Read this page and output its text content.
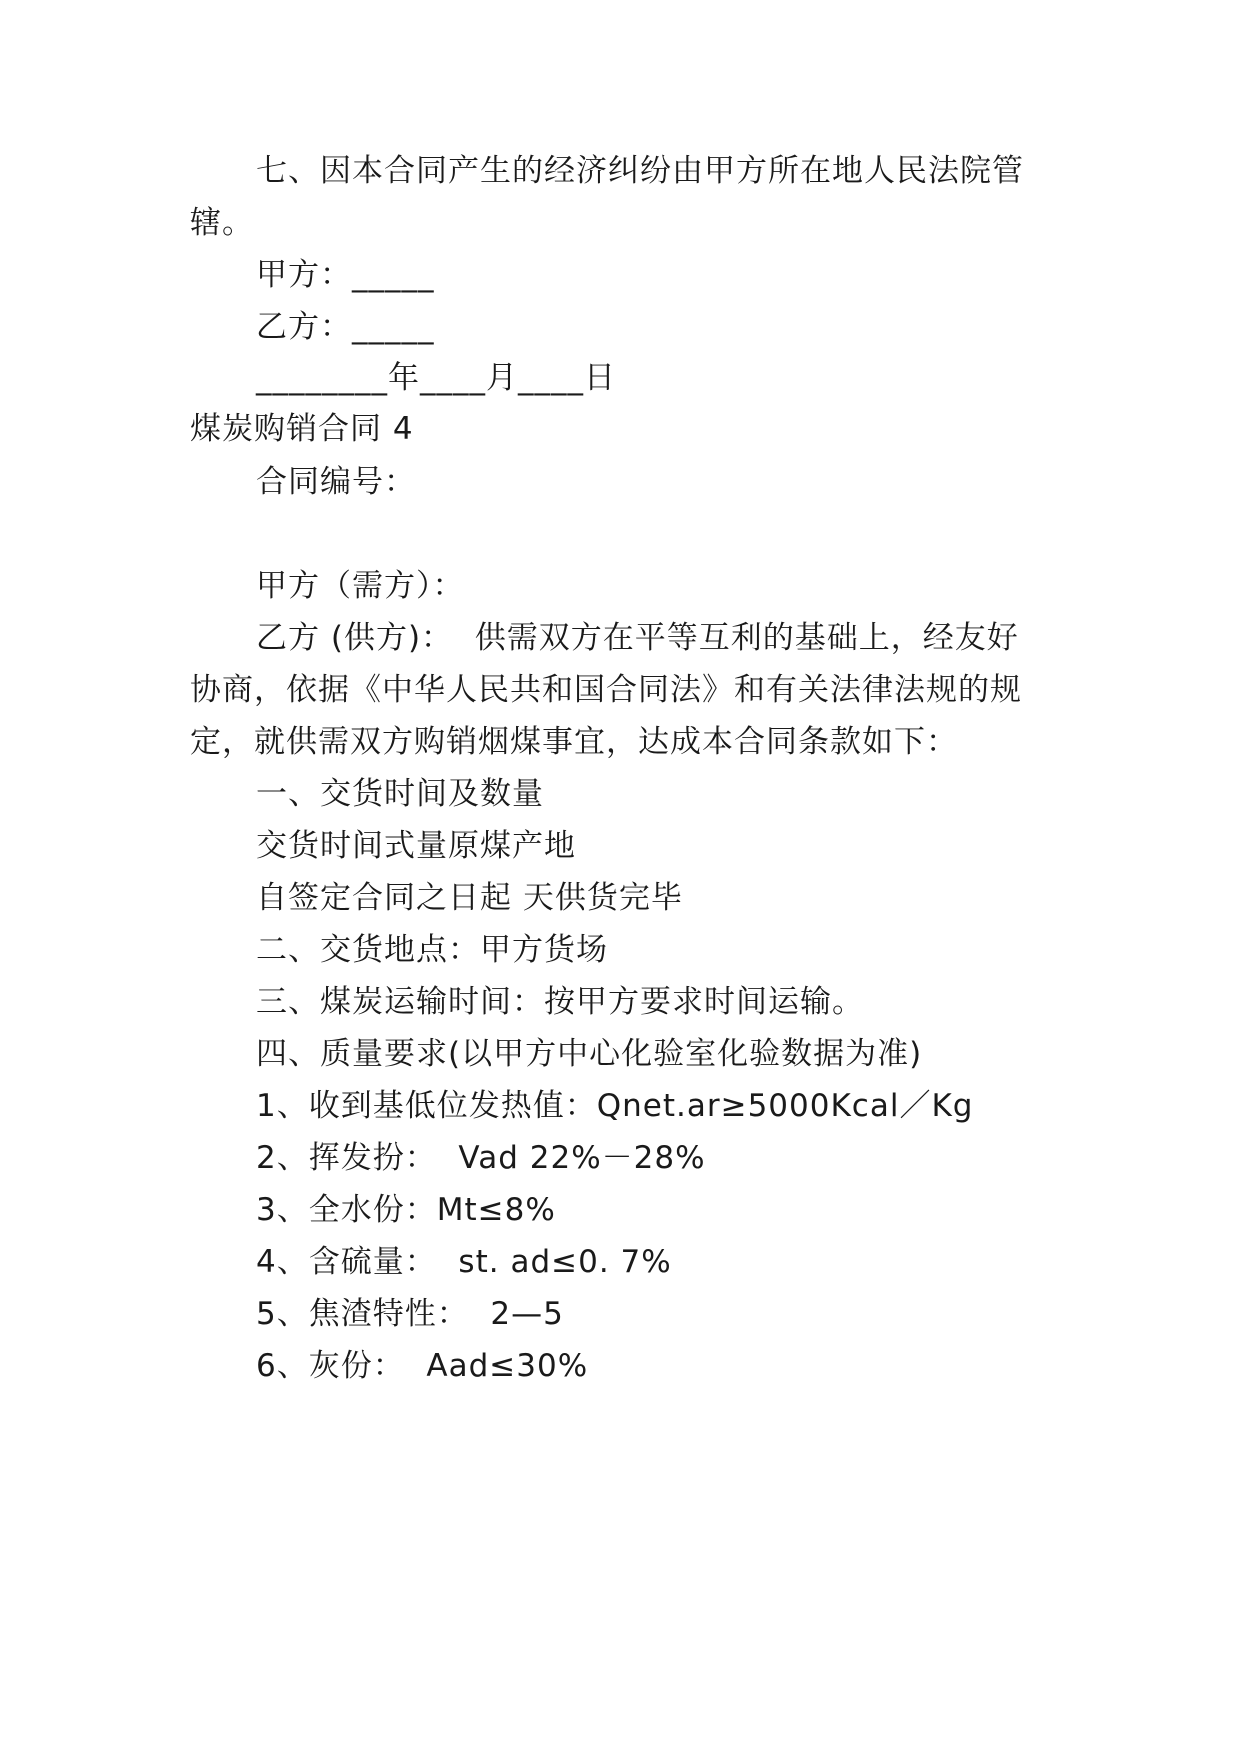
七、因本合同产生的经济纠纷由甲方所在地人民法院管
辖。
甲方：_____
乙方：_____
________年____月____日
煤炭购销合同 4
合同编号：
甲方（需方）：
乙方 (供方)：  供需双方在平等互利的基础上，经友好
协商，依据《中华人民共和国合同法》和有关法律法规的规
定，就供需双方购销烟煤事宜，达成本合同条款如下：
一、交货时间及数量
交货时间式量原煤产地
自签定合同之日起 天供货完毕
二、交货地点：甲方货场
三、煤炭运输时间：按甲方要求时间运输。
四、质量要求(以甲方中心化验室化验数据为准)
1、收到基低位发热值：Qnet.ar≥5000Kcal／Kg
2、挥发扮：  Vad 22%－28%
3、全水份：Mt≤8%
4、含硫量：  st. ad≤0. 7%
5、焦渣特性：  2—5
6、灰份：  Aad≤30%
